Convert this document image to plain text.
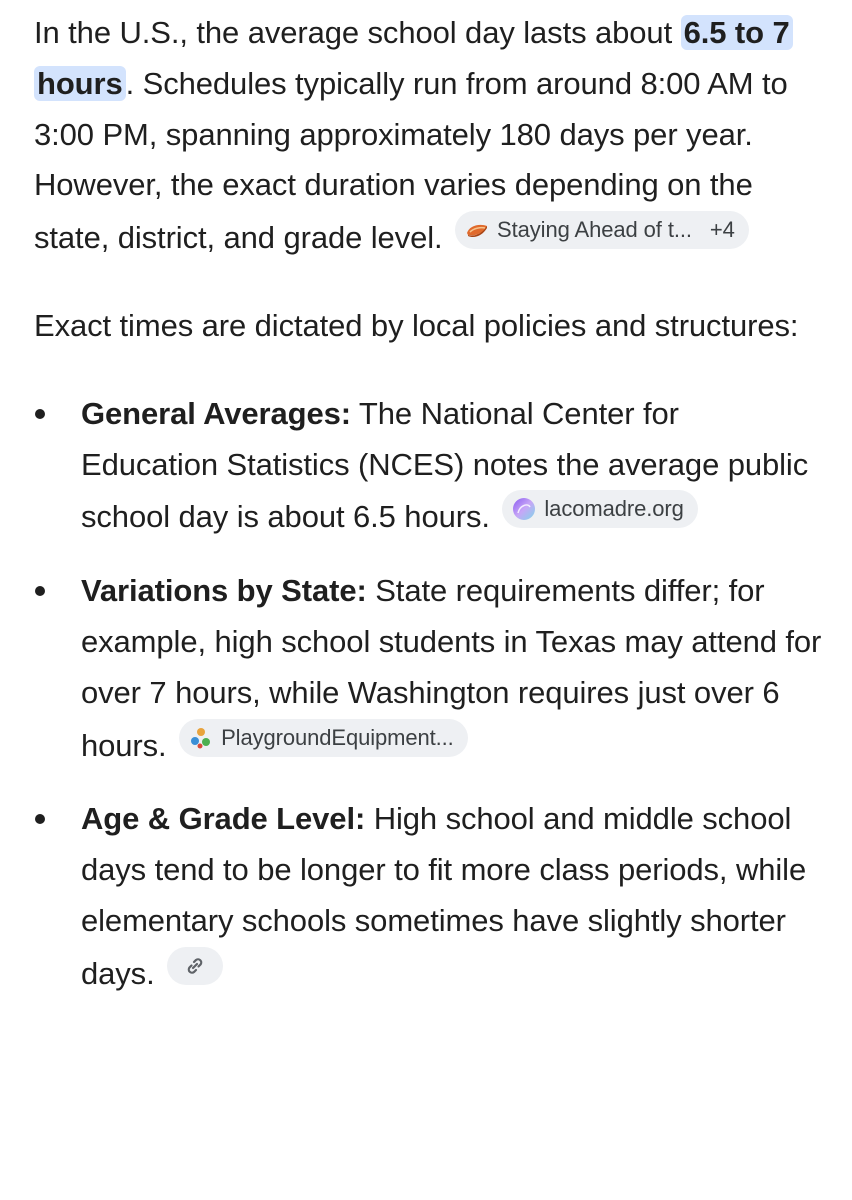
In the U.S., the average school day lasts about 6.5 to 7 hours. Schedules typically run from around 8:00 AM to 3:00 PM, spanning approximately 180 days per year. However, the exact duration varies depending on the state, district, and grade level. Staying Ahead of t... +4

Exact times are dictated by local policies and structures:

General Averages: The National Center for Education Statistics (NCES) notes the average public school day is about 6.5 hours. lacomadre.org
Variations by State: State requirements differ; for example, high school students in Texas may attend for over 7 hours, while Washington requires just over 6 hours. PlaygroundEquipment...
Age & Grade Level: High school and middle school days tend to be longer to fit more class periods, while elementary schools sometimes have slightly shorter days.
